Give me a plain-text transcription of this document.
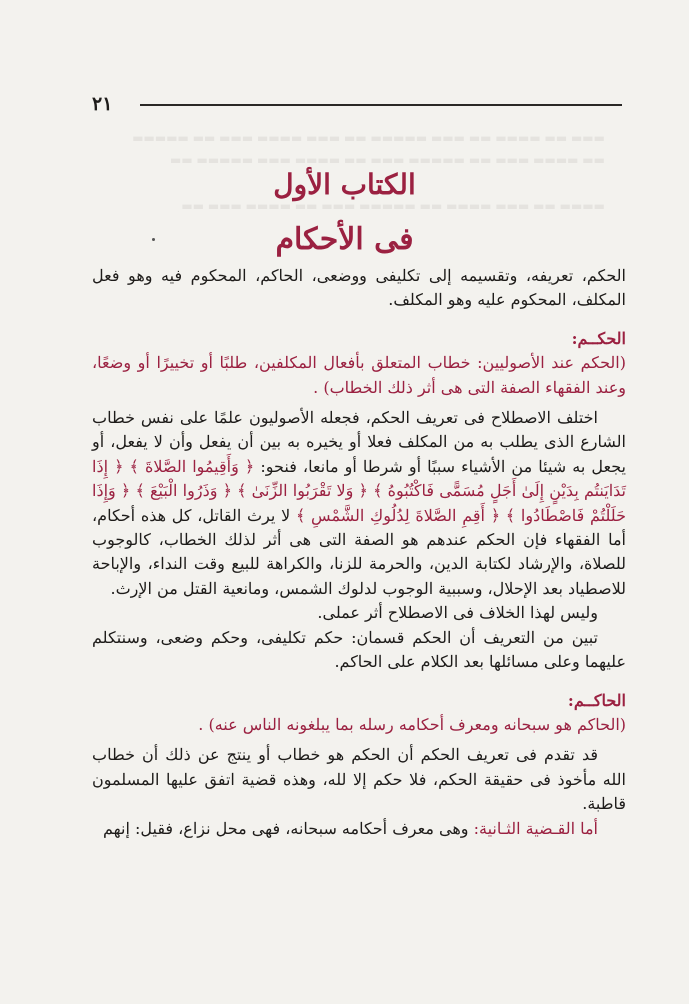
▬▬▬ ▬▬ ▬▬▬▬ ▬▬ ▬▬▬ ▬▬▬▬▬ ▬▬ ▬▬▬ ▬▬▬▬ ▬▬▬ ▬▬ ▬▬▬▬▬
▬▬ ▬▬▬▬ ▬▬▬ ▬▬ ▬▬▬▬▬ ▬▬▬ ▬▬ ▬▬▬▬ ▬▬▬ ▬▬▬▬▬ ▬▬
▬▬▬▬ ▬▬ ▬▬▬ ▬▬▬▬ ▬▬ ▬▬▬▬▬ ▬▬▬ ▬▬ ▬▬▬▬ ▬▬▬ ▬▬
٢١
الكتاب الأول
فى الأحكام

الحكم، تعريفه، وتقسيمه إلى تكليفى ووضعى، الحاكم، المحكوم فيه وهو فعل المكلف، المحكوم عليه وهو المكلف.

الحكــم:

(الحكم عند الأصوليين: خطاب المتعلق بأفعال المكلفين، طلبًا أو تخييرًا أو وضعًا، وعند الفقهاء الصفة التى هى أثر ذلك الخطاب) .

اختلف الاصطلاح فى تعريف الحكم، فجعله الأصوليون علمًا على نفس خطاب الشارع الذى يطلب به من المكلف فعلا أو يخيره به بين أن يفعل وأن لا يفعل، أو يجعل به شيئا من الأشياء سببًا أو شرطا أو مانعا، فنحو: ﴿ وَأَقِيمُوا الصَّلاةَ ﴾ ﴿ إِذَا تَدَايَنتُم بِدَيْنٍ إِلَىٰ أَجَلٍ مُسَمًّى فَاكْتُبُوهُ ﴾ ﴿ وَلا تَقْرَبُوا الزِّنَىٰ ﴾ ﴿ وَذَرُوا الْبَيْعَ ﴾ ﴿ وَإِذَا حَلَلْتُمْ فَاصْطَادُوا ﴾ ﴿ أَقِمِ الصَّلاةَ لِدُلُوكِ الشَّمْسِ ﴾ لا يرث القاتل، كل هذه أحكام، أما الفقهاء فإن الحكم عندهم هو الصفة التى هى أثر لذلك الخطاب، كالوجوب للصلاة، والإرشاد لكتابة الدين، والحرمة للزنا، والكراهة للبيع وقت النداء، والإباحة للاصطياد بعد الإحلال، وسببية الوجوب لدلوك الشمس، ومانعية القتل من الإرث.

وليس لهذا الخلاف فى الاصطلاح أثر عملى.

تبين من التعريف أن الحكم قسمان: حكم تكليفى، وحكم وضعى، وسنتكلم عليهما وعلى مسائلها بعد الكلام على الحاكم.

الحاكــم:

(الحاكم هو سبحانه ومعرف أحكامه رسله بما يبلغونه الناس عنه) .

قد تقدم فى تعريف الحكم أن الحكم هو خطاب أو ينتج عن ذلك أن خطاب الله مأخوذ فى حقيقة الحكم، فلا حكم إلا لله، وهذه قضية اتفق عليها المسلمون قاطبة.

أما القـضية الثـانية: وهى معرف أحكامه سبحانه، فهى محل نزاع، فقيل: إنهم
